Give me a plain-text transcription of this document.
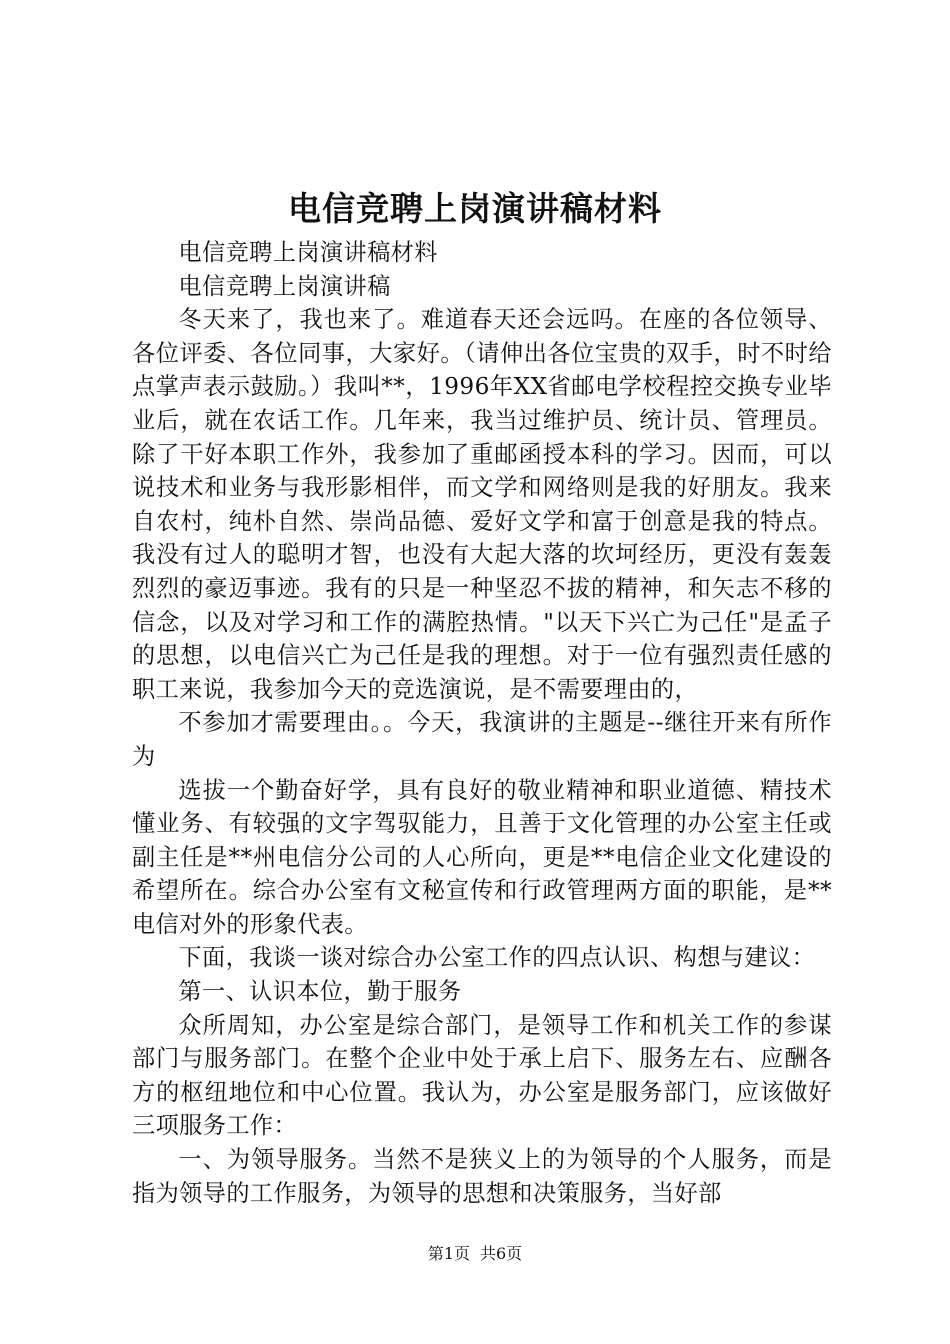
电信竞聘上岗演讲稿材料

电信竞聘上岗演讲稿材料

电信竞聘上岗演讲稿

冬天来了，我也来了。难道春天还会远吗。在座的各位领导、各位评委、各位同事，大家好。（请伸出各位宝贵的双手，时不时给点掌声表示鼓励。）我叫**，1996年XX省邮电学校程控交换专业毕业后，就在农话工作。几年来，我当过维护员、统计员、管理员。除了干好本职工作外，我参加了重邮函授本科的学习。因而，可以说技术和业务与我形影相伴，而文学和网络则是我的好朋友。我来自农村，纯朴自然、崇尚品德、爱好文学和富于创意是我的特点。我没有过人的聪明才智，也没有大起大落的坎坷经历，更没有轰轰烈烈的豪迈事迹。我有的只是一种坚忍不拔的精神，和矢志不移的信念，以及对学习和工作的满腔热情。"以天下兴亡为己任"是孟子的思想，以电信兴亡为己任是我的理想。对于一位有强烈责任感的职工来说，我参加今天的竞选演说，是不需要理由的，

不参加才需要理由。。今天，我演讲的主题是--继往开来有所作为

选拔一个勤奋好学，具有良好的敬业精神和职业道德、精技术懂业务、有较强的文字驾驭能力，且善于文化管理的办公室主任或副主任是**州电信分公司的人心所向，更是**电信企业文化建设的希望所在。综合办公室有文秘宣传和行政管理两方面的职能，是**电信对外的形象代表。

下面，我谈一谈对综合办公室工作的四点认识、构想与建议：

第一、认识本位，勤于服务

众所周知，办公室是综合部门，是领导工作和机关工作的参谋部门与服务部门。在整个企业中处于承上启下、服务左右、应酬各方的枢纽地位和中心位置。我认为，办公室是服务部门，应该做好三项服务工作：

一、为领导服务。当然不是狭义上的为领导的个人服务，而是指为领导的工作服务，为领导的思想和决策服务，当好部

第1页 共6页
